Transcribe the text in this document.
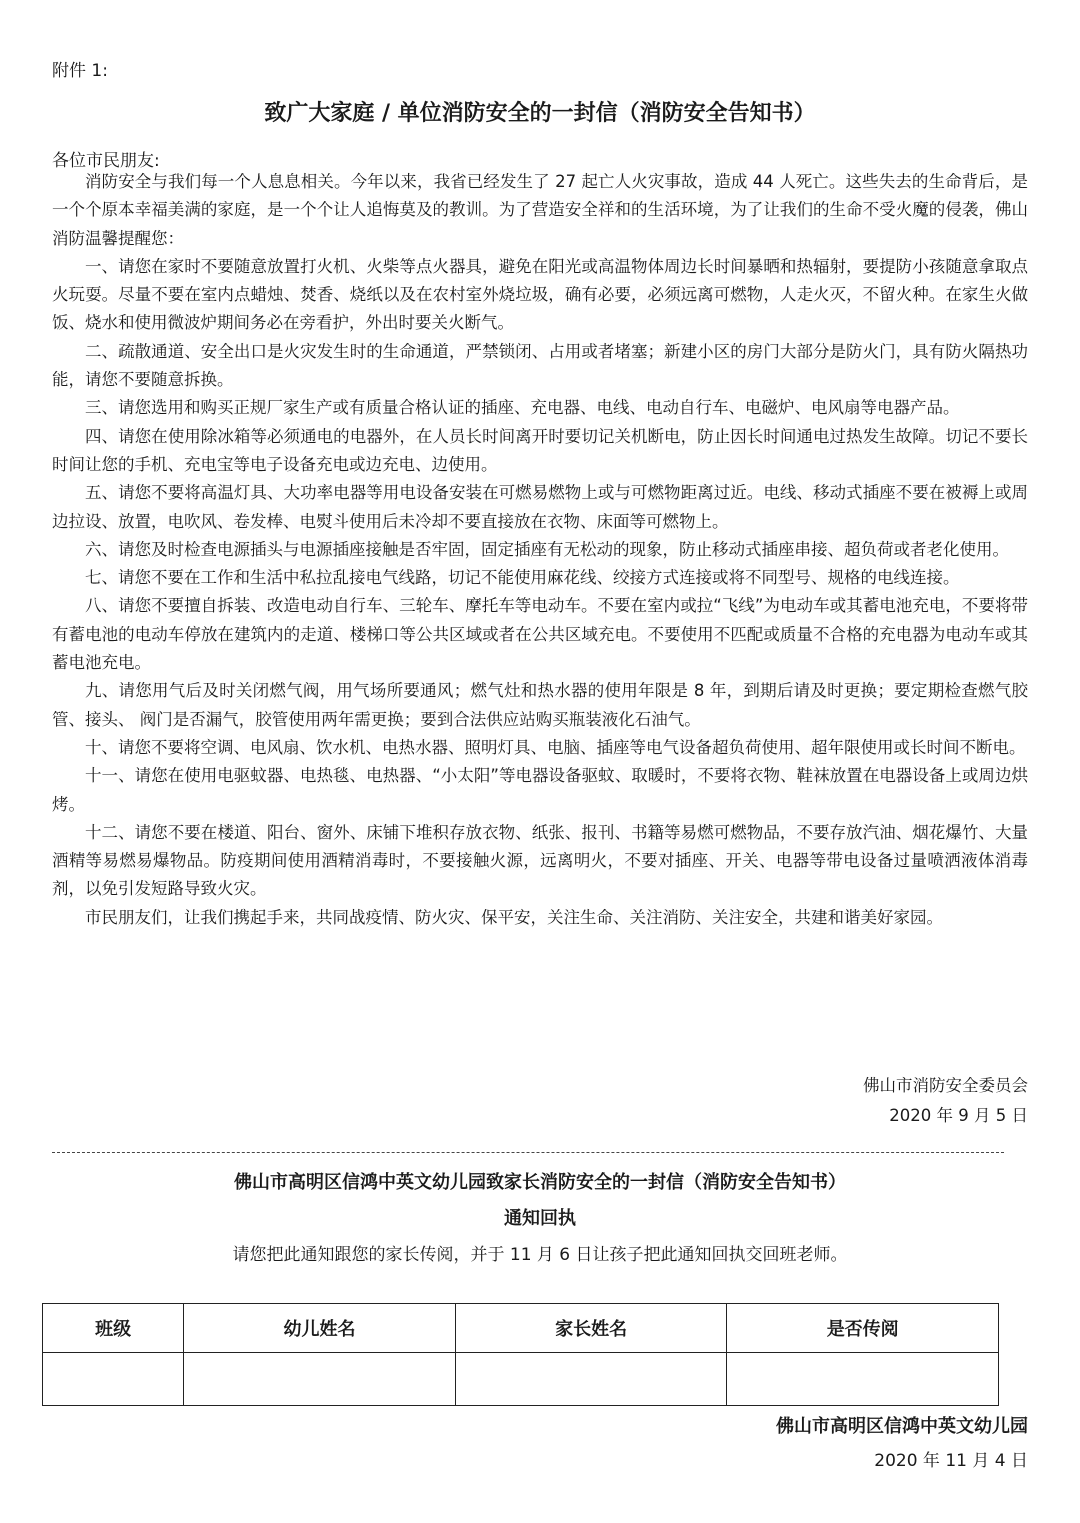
附件 1:
致广大家庭 / 单位消防安全的一封信（消防安全告知书）
各位市民朋友:

消防安全与我们每一个人息息相关。今年以来，我省已经发生了 27 起亡人火灾事故，造成 44 人死亡。这些失去的生命背后，是一个个原本幸福美满的家庭，是一个个让人追悔莫及的教训。为了营造安全祥和的生活环境，为了让我们的生命不受火魔的侵袭，佛山消防温馨提醒您：

一、请您在家时不要随意放置打火机、火柴等点火器具，避免在阳光或高温物体周边长时间暴晒和热辐射，要提防小孩随意拿取点火玩耍。尽量不要在室内点蜡烛、焚香、烧纸以及在农村室外烧垃圾，确有必要，必须远离可燃物，人走火灭，不留火种。在家生火做饭、烧水和使用微波炉期间务必在旁看护，外出时要关火断气。

二、疏散通道、安全出口是火灾发生时的生命通道，严禁锁闭、占用或者堵塞；新建小区的房门大部分是防火门，具有防火隔热功能，请您不要随意拆换。

三、请您选用和购买正规厂家生产或有质量合格认证的插座、充电器、电线、电动自行车、电磁炉、电风扇等电器产品。

四、请您在使用除冰箱等必须通电的电器外，在人员长时间离开时要切记关机断电，防止因长时间通电过热发生故障。切记不要长时间让您的手机、充电宝等电子设备充电或边充电、边使用。

五、请您不要将高温灯具、大功率电器等用电设备安装在可燃易燃物上或与可燃物距离过近。电线、移动式插座不要在被褥上或周边拉设、放置，电吹风、卷发棒、电熨斗使用后未冷却不要直接放在衣物、床面等可燃物上。

六、请您及时检查电源插头与电源插座接触是否牢固，固定插座有无松动的现象，防止移动式插座串接、超负荷或者老化使用。

七、请您不要在工作和生活中私拉乱接电气线路，切记不能使用麻花线、绞接方式连接或将不同型号、规格的电线连接。

八、请您不要擅自拆装、改造电动自行车、三轮车、摩托车等电动车。不要在室内或拉“飞线”为电动车或其蓄电池充电，不要将带有蓄电池的电动车停放在建筑内的走道、楼梯口等公共区域或者在公共区域充电。不要使用不匹配或质量不合格的充电器为电动车或其蓄电池充电。

九、请您用气后及时关闭燃气阀，用气场所要通风；燃气灶和热水器的使用年限是 8 年，到期后请及时更换；要定期检查燃气胶管、接头、 阀门是否漏气，胶管使用两年需更换；要到合法供应站购买瓶装液化石油气。

十、请您不要将空调、电风扇、饮水机、电热水器、照明灯具、电脑、插座等电气设备超负荷使用、超年限使用或长时间不断电。

十一、请您在使用电驱蚊器、电热毯、电热器、“小太阳”等电器设备驱蚊、取暖时，不要将衣物、鞋袜放置在电器设备上或周边烘烤。

十二、请您不要在楼道、阳台、窗外、床铺下堆积存放衣物、纸张、报刊、书籍等易燃可燃物品，不要存放汽油、烟花爆竹、大量酒精等易燃易爆物品。防疫期间使用酒精消毒时，不要接触火源，远离明火，不要对插座、开关、电器等带电设备过量喷洒液体消毒剂，以免引发短路导致火灾。

市民朋友们，让我们携起手来，共同战疫情、防火灾、保平安，关注生命、关注消防、关注安全，共建和谐美好家园。

佛山市消防安全委员会
2020 年 9 月 5 日
佛山市高明区信鸿中英文幼儿园致家长消防安全的一封信（消防安全告知书）
通知回执
请您把此通知跟您的家长传阅，并于 11 月 6 日让孩子把此通知回执交回班老师。
班级	幼儿姓名	家长姓名	是否传阅

佛山市高明区信鸿中英文幼儿园
2020 年 11 月 4 日
